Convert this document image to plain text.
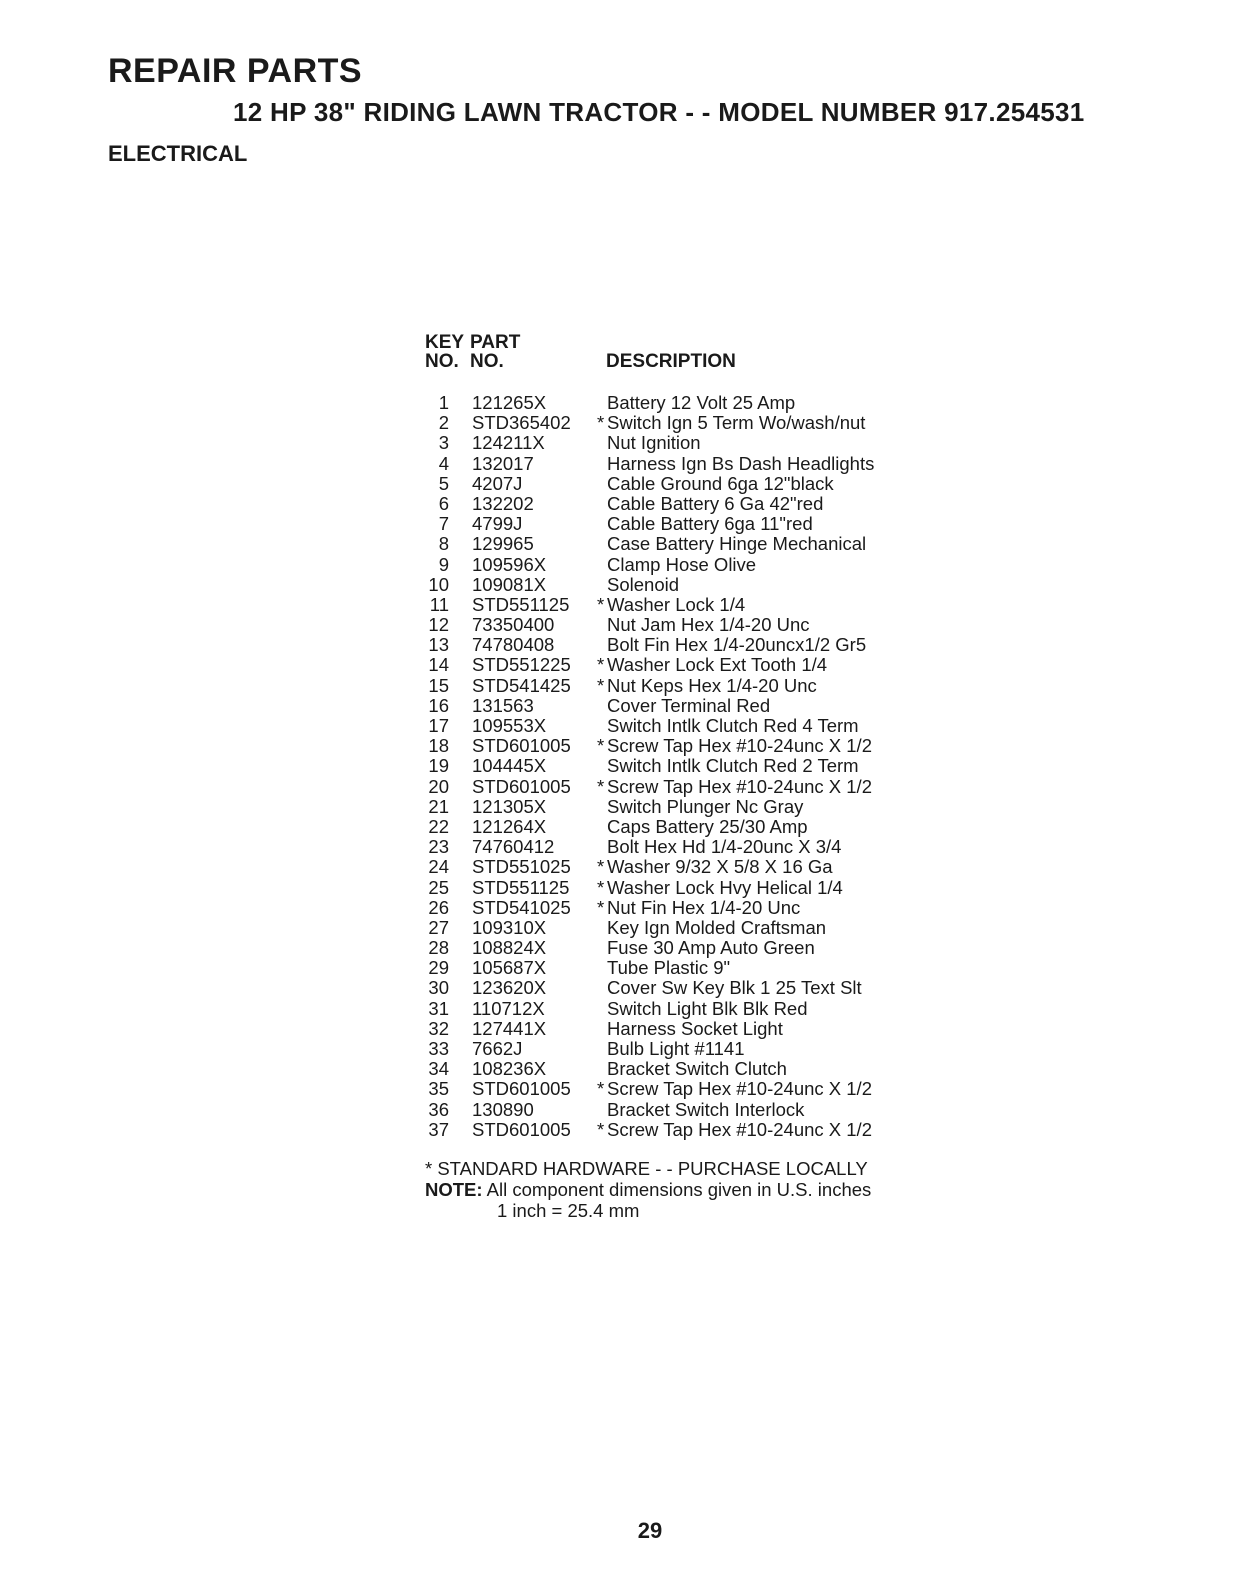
REPAIR PARTS
12 HP 38" RIDING LAWN TRACTOR - - MODEL NUMBER 917.254531
ELECTRICAL
KEY
NO.
PART
NO.	DESCRIPTION
1 121265X	Battery 12 Volt 25 Amp
2 STD365402 * Switch Ign 5 Term Wo/wash/nut
3 124211X	Nut Ignition
4 132017	Harness Ign Bs Dash Headlights
5 4207J	Cable Ground 6ga 12"black
6 132202	Cable Battery 6 Ga 42"red
7 4799J	Cable Battery 6ga 11"red
8 129965	Case Battery Hinge Mechanical
9 109596X	Clamp Hose Olive
10 109081X	Solenoid
11 STD551125 * Washer Lock 1/4
12 73350400	Nut Jam Hex 1/4-20 Unc
13 74780408	Bolt Fin Hex 1/4-20uncx1/2 Gr5
14 STD551225 * Washer Lock Ext Tooth 1/4
15 STD541425 * Nut Keps Hex 1/4-20 Unc
16 131563	Cover Terminal Red
17 109553X	Switch Intlk Clutch Red 4 Term
18 STD601005 * Screw Tap Hex #10-24unc X 1/2
19 104445X	Switch Intlk Clutch Red 2 Term
20 STD601005 * Screw Tap Hex #10-24unc X 1/2
21 121305X	Switch Plunger Nc Gray
22 121264X	Caps Battery 25/30 Amp
23 74760412	Bolt Hex Hd 1/4-20unc X 3/4
24 STD551025 * Washer 9/32 X 5/8 X 16 Ga
25 STD551125 * Washer Lock Hvy Helical 1/4
26 STD541025 * Nut Fin Hex 1/4-20 Unc
27 109310X	Key Ign Molded Craftsman
28 108824X	Fuse 30 Amp Auto Green
29 105687X	Tube Plastic 9"
30 123620X	Cover Sw Key Blk 1 25 Text Slt
31 110712X	Switch Light Blk Blk Red
32 127441X	Harness Socket Light
33 7662J	Bulb Light #1141
34 108236X	Bracket Switch Clutch
35 STD601005 * Screw Tap Hex #10-24unc X 1/2
36 130890	Bracket Switch Interlock
37 STD601005 * Screw Tap Hex #10-24unc X 1/2
* STANDARD HARDWARE - - PURCHASE LOCALLY
NOTE: All component dimensions given in U.S. inches
1 inch = 25.4 mm
29
